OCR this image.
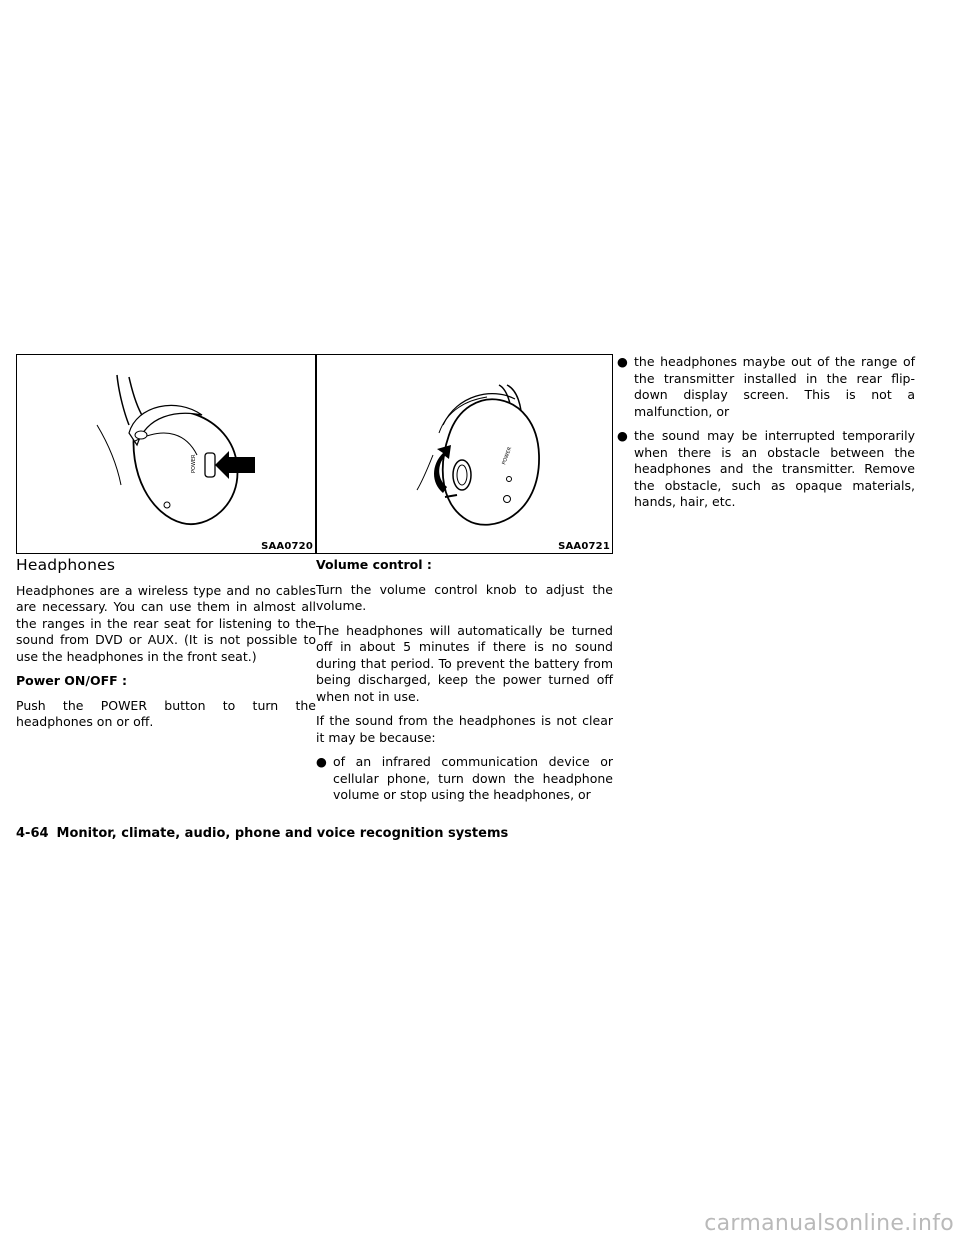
POWER
SAA0720
POWER
SAA0721
Headphones

Headphones are a wireless type and no cables are necessary. You can use them in almost all the ranges in the rear seat for listening to the sound from DVD or AUX. (It is not possible to use the headphones in the front seat.)

Power ON/OFF :

Push the POWER button to turn the headphones on or off.

Volume control :

Turn the volume control knob to adjust the volume.

The headphones will automatically be turned off in about 5 minutes if there is no sound during that period. To prevent the battery from being discharged, keep the power turned off when not in use.

If the sound from the headphones is not clear it may be because:

● of an infrared communication device or cellular phone, turn down the headphone volume or stop using the headphones, or
● the headphones maybe out of the range of the transmitter installed in the rear flip-down display screen. This is not a malfunction, or
● the sound may be interrupted temporarily when there is an obstacle between the headphones and the transmitter. Remove the obstacle, such as opaque materials, hands, hair, etc.
4-64 Monitor, climate, audio, phone and voice recognition systems
carmanualsonline.info
